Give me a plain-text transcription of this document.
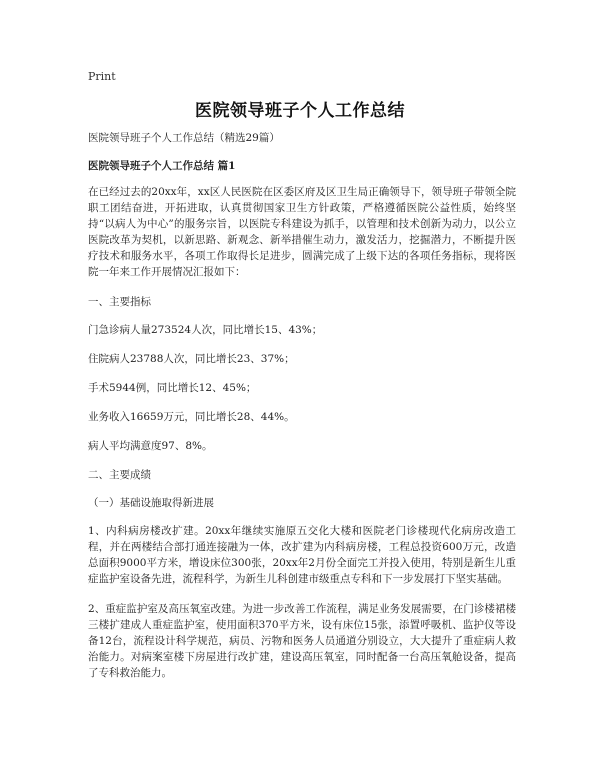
Print
医院领导班子个人工作总结

医院领导班子个人工作总结（精选29篇）

医院领导班子个人工作总结 篇1

在已经过去的20xx年，xx区人民医院在区委区府及区卫生局正确领导下，领导班子带领全院职工团结奋进，开拓进取，认真贯彻国家卫生方针政策，严格遵循医院公益性质，始终坚持“以病人为中心”的服务宗旨，以医院专科建设为抓手，以管理和技术创新为动力，以公立医院改革为契机，以新思路、新观念、新举措催生动力，激发活力，挖掘潜力，不断提升医疗技术和服务水平，各项工作取得长足进步，圆满完成了上级下达的各项任务指标，现将医院一年来工作开展情况汇报如下：

一、主要指标

门急诊病人量273524人次，同比增长15、43%；

住院病人23788人次，同比增长23、37%；

手术5944例，同比增长12、45%；

业务收入16659万元，同比增长28、44%。

病人平均满意度97、8%。

二、主要成绩

（一）基础设施取得新进展

1、内科病房楼改扩建。20xx年继续实施原五交化大楼和医院老门诊楼现代化病房改造工程，并在两楼结合部打通连接融为一体，改扩建为内科病房楼，工程总投资600万元，改造总面积9000平方米，增设床位300张，20xx年2月份全面完工并投入使用，特别是新生儿重症监护室设备先进，流程科学，为新生儿科创建市级重点专科和下一步发展打下坚实基础。

2、重症监护室及高压氧室改建。为进一步改善工作流程，满足业务发展需要，在门诊楼裙楼三楼扩建成人重症监护室，使用面积370平方米，设有床位15张，添置呼吸机、监护仪等设备12台，流程设计科学规范，病员、污物和医务人员通道分别设立，大大提升了重症病人救治能力。对病案室楼下房屋进行改扩建，建设高压氧室，同时配备一台高压氧舱设备，提高了专科救治能力。
